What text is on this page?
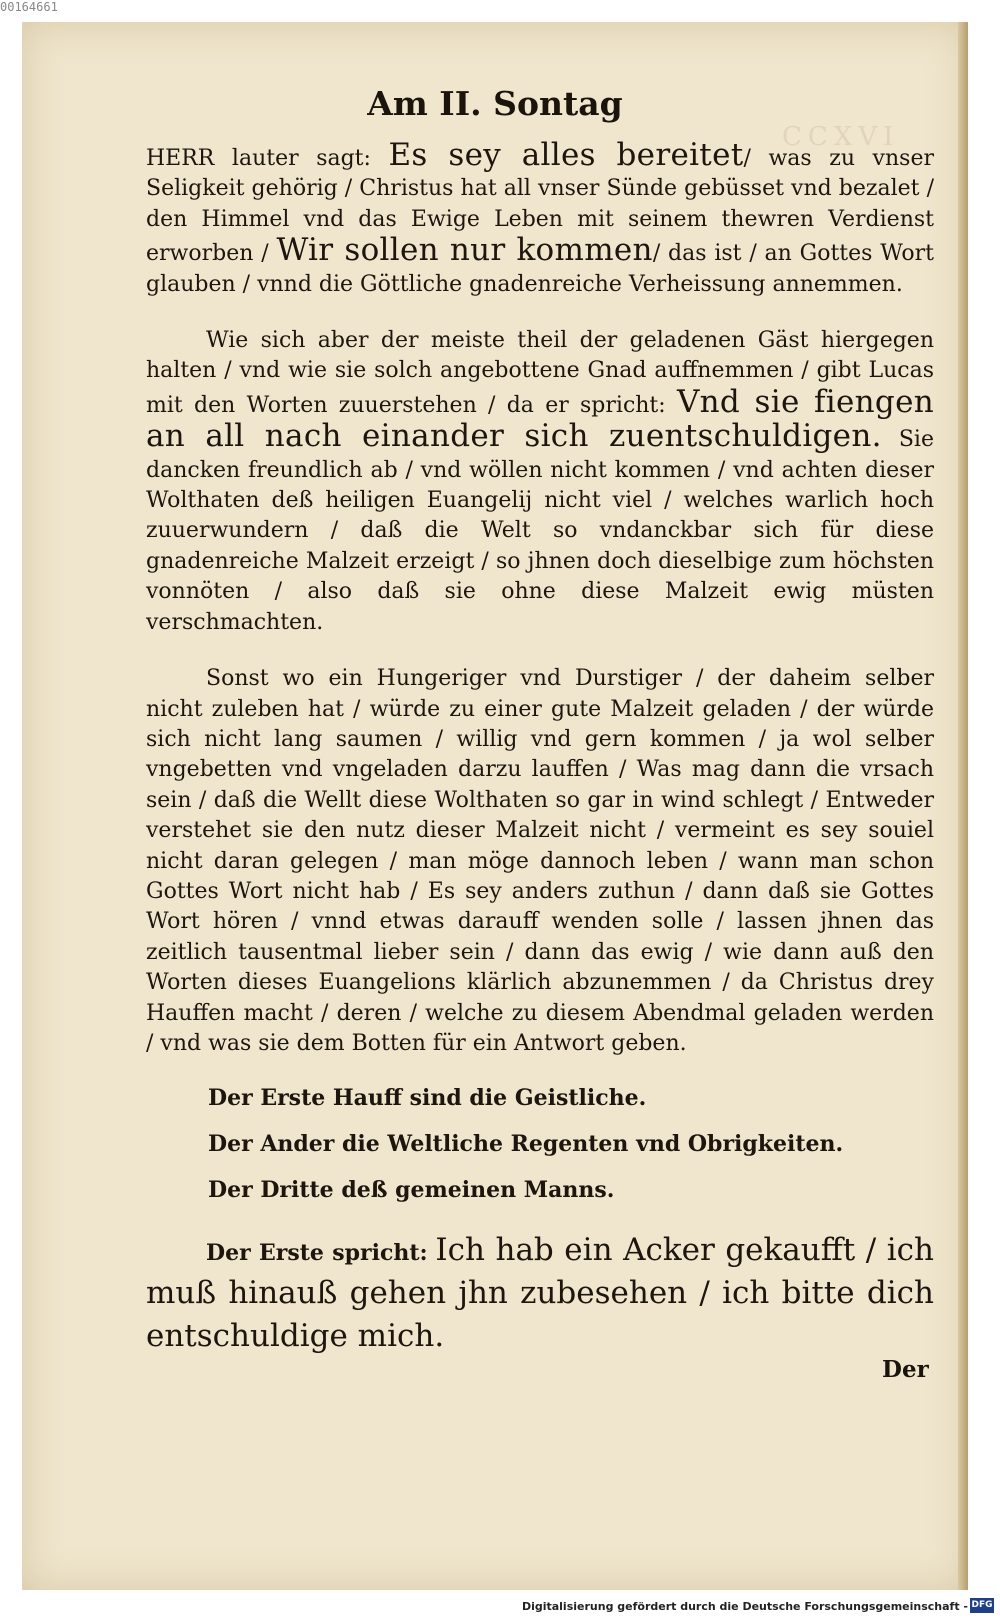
00164661
CCXVI
Am II. Sontag

HERR lauter sagt: Es sey alles bereitet/ was zu vnser Seligkeit gehörig / Christus hat all vnser Sünde gebüsset vnd bezalet / den Himmel vnd das Ewige Leben mit seinem thewren Verdienst erworben / Wir sollen nur kommen/ das ist / an Gottes Wort glauben / vnnd die Göttliche gnadenreiche Verheissung annemmen.

Wie sich aber der meiste theil der geladenen Gäst hiergegen halten / vnd wie sie solch angebottene Gnad auffnemmen / gibt Lucas mit den Worten zuuerstehen / da er spricht: Vnd sie fiengen an all nach einander sich zuentschuldigen. Sie dancken freundlich ab / vnd wöllen nicht kommen / vnd achten dieser Wolthaten deß heiligen Euangelij nicht viel / welches warlich hoch zuuerwundern / daß die Welt so vndanckbar sich für diese gnadenreiche Malzeit erzeigt / so jhnen doch dieselbige zum höchsten vonnöten / also daß sie ohne diese Malzeit ewig müsten verschmachten.

Sonst wo ein Hungeriger vnd Durstiger / der daheim selber nicht zuleben hat / würde zu einer gute Malzeit geladen / der würde sich nicht lang saumen / willig vnd gern kommen / ja wol selber vngebetten vnd vngeladen darzu lauffen / Was mag dann die vrsach sein / daß die Wellt diese Wolthaten so gar in wind schlegt / Entweder verstehet sie den nutz dieser Malzeit nicht / vermeint es sey souiel nicht daran gelegen / man möge dannoch leben / wann man schon Gottes Wort nicht hab / Es sey anders zuthun / dann daß sie Gottes Wort hören / vnnd etwas darauff wenden solle / lassen jhnen das zeitlich tausentmal lieber sein / dann das ewig / wie dann auß den Worten dieses Euangelions klärlich abzunemmen / da Christus drey Hauffen macht / deren / welche zu diesem Abendmal geladen werden / vnd was sie dem Botten für ein Antwort geben.

Der Erste Hauff sind die Geistliche.

Der Ander die Weltliche Regenten vnd Obrigkeiten.

Der Dritte deß gemeinen Manns.

Der Erste spricht: Ich hab ein Acker gekaufft / ich muß hinauß gehen jhn zubesehen / ich bitte dich entschuldige mich.

Der
Digitalisierung gefördert durch die Deutsche Forschungsgemeinschaft - DFG
